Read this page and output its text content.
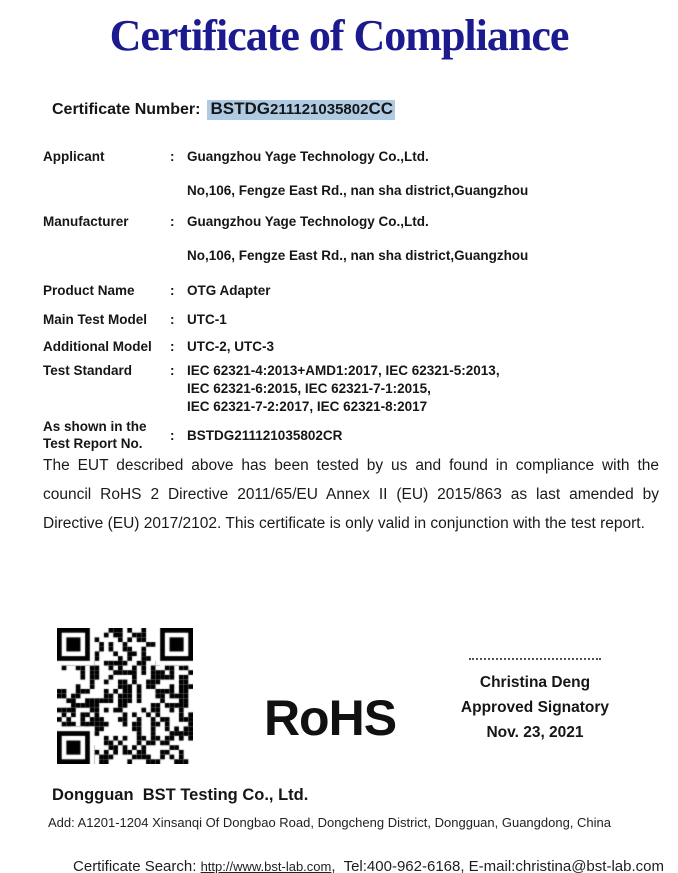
Certificate of Compliance
Certificate Number: BSTDG211121035802CC
Applicant	: Guangzhou Yage Technology Co.,Ltd.
No,106, Fengze East Rd., nan sha district,Guangzhou
Manufacturer	: Guangzhou Yage Technology Co.,Ltd.
No,106, Fengze East Rd., nan sha district,Guangzhou
Product Name	: OTG Adapter
Main Test Model	: UTC-1
Additional Model	: UTC-2, UTC-3
Test Standard	: IEC 62321-4:2013+AMD1:2017, IEC 62321-5:2013,
IEC 62321-6:2015, IEC 62321-7-1:2015,
IEC 62321-7-2:2017, IEC 62321-8:2017
As shown in the
Test Report No.
: BSTDG211121035802CR

The EUT described above has been tested by us and found in compliance with the council RoHS 2 Directive 2011/65/EU Annex II (EU) 2015/863 as last amended by Directive (EU) 2017/2102. This certificate is only valid in conjunction with the test report.

RoHS
Christina Deng
Approved Signatory
Nov. 23, 2021
Dongguan  BST Testing Co., Ltd.
Add: A1201-1204 Xinsanqi Of Dongbao Road, Dongcheng District, Dongguan, Guangdong, China

Certificate Search: http://www.bst-lab.com,  Tel:400-962-6168, E-mail:christina@bst-lab.com
